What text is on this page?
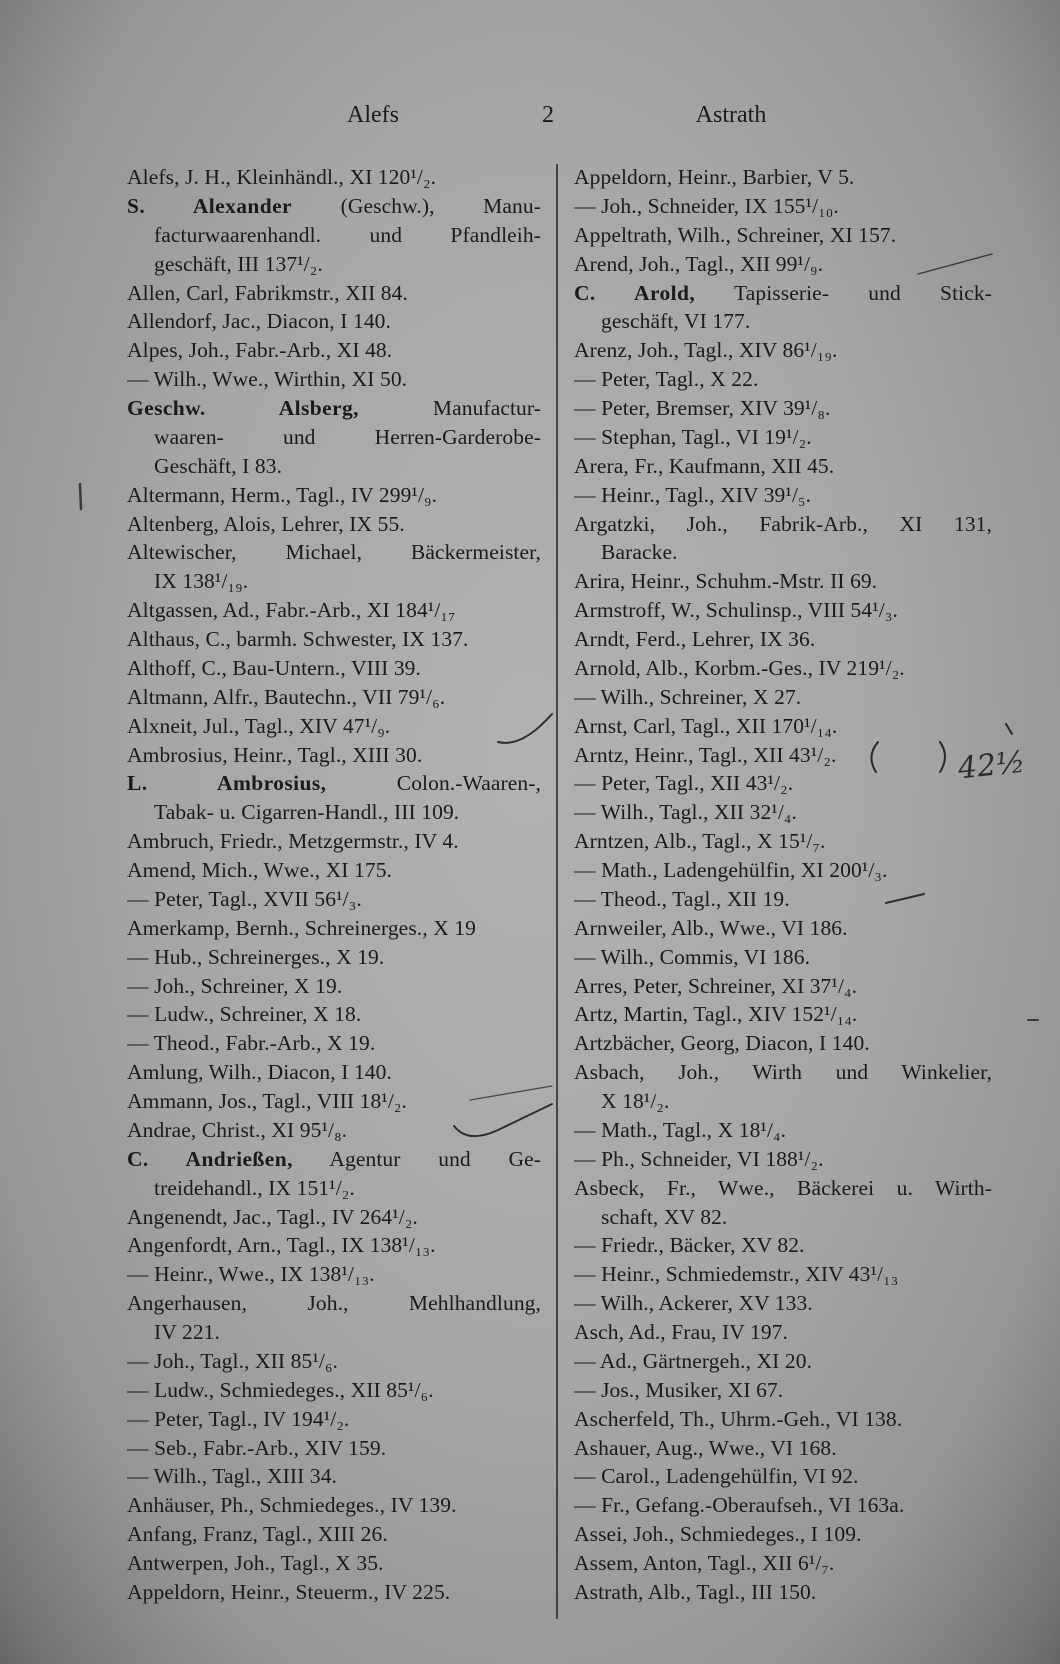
Alefs	2	Astrath
Alefs, J. H., Kleinhändl., XI 120¹/₂.
S. Alexander (Geschw.), Manu-
facturwaarenhandl. und Pfandleih-
geschäft, III 137¹/₂.
Allen, Carl, Fabrikmstr., XII 84.
Allendorf, Jac., Diacon, I 140.
Alpes, Joh., Fabr.-Arb., XI 48.
— Wilh., Wwe., Wirthin, XI 50.
Geschw. Alsberg, Manufactur-
waaren- und Herren-Garderobe-
Geschäft, I 83.
Altermann, Herm., Tagl., IV 299¹/₉.
Altenberg, Alois, Lehrer, IX 55.
Altewischer, Michael, Bäckermeister,
IX 138¹/₁₉.
Altgassen, Ad., Fabr.-Arb., XI 184¹/₁₇
Althaus, C., barmh. Schwester, IX 137.
Althoff, C., Bau-Untern., VIII 39.
Altmann, Alfr., Bautechn., VII 79¹/₆.
Alxneit, Jul., Tagl., XIV 47¹/₉.
Ambrosius, Heinr., Tagl., XIII 30.
L. Ambrosius, Colon.-Waaren-,
Tabak- u. Cigarren-Handl., III 109.
Ambruch, Friedr., Metzgermstr., IV 4.
Amend, Mich., Wwe., XI 175.
— Peter, Tagl., XVII 56¹/₃.
Amerkamp, Bernh., Schreinerges., X 19
— Hub., Schreinerges., X 19.
— Joh., Schreiner, X 19.
— Ludw., Schreiner, X 18.
— Theod., Fabr.-Arb., X 19.
Amlung, Wilh., Diacon, I 140.
Ammann, Jos., Tagl., VIII 18¹/₂.
Andrae, Christ., XI 95¹/₈.
C. Andrießen, Agentur und Ge-
treidehandl., IX 151¹/₂.
Angenendt, Jac., Tagl., IV 264¹/₂.
Angenfordt, Arn., Tagl., IX 138¹/₁₃.
— Heinr., Wwe., IX 138¹/₁₃.
Angerhausen, Joh., Mehlhandlung,
IV 221.
— Joh., Tagl., XII 85¹/₆.
— Ludw., Schmiedeges., XII 85¹/₆.
— Peter, Tagl., IV 194¹/₂.
— Seb., Fabr.-Arb., XIV 159.
— Wilh., Tagl., XIII 34.
Anhäuser, Ph., Schmiedeges., IV 139.
Anfang, Franz, Tagl., XIII 26.
Antwerpen, Joh., Tagl., X 35.
Appeldorn, Heinr., Steuerm., IV 225.
Appeldorn, Heinr., Barbier, V 5.
— Joh., Schneider, IX 155¹/₁₀.
Appeltrath, Wilh., Schreiner, XI 157.
Arend, Joh., Tagl., XII 99¹/₉.
C. Arold, Tapisserie- und Stick-
geschäft, VI 177.
Arenz, Joh., Tagl., XIV 86¹/₁₉.
— Peter, Tagl., X 22.
— Peter, Bremser, XIV 39¹/₈.
— Stephan, Tagl., VI 19¹/₂.
Arera, Fr., Kaufmann, XII 45.
— Heinr., Tagl., XIV 39¹/₅.
Argatzki, Joh., Fabrik-Arb., XI 131,
Baracke.
Arira, Heinr., Schuhm.-Mstr. II 69.
Armstroff, W., Schulinsp., VIII 54¹/₃.
Arndt, Ferd., Lehrer, IX 36.
Arnold, Alb., Korbm.-Ges., IV 219¹/₂.
— Wilh., Schreiner, X 27.
Arnst, Carl, Tagl., XII 170¹/₁₄.
Arntz, Heinr., Tagl., XII 43¹/₂.
— Peter, Tagl., XII 43¹/₂.
— Wilh., Tagl., XII 32¹/₄.
Arntzen, Alb., Tagl., X 15¹/₇.
— Math., Ladengehülfin, XI 200¹/₃.
— Theod., Tagl., XII 19.
Arnweiler, Alb., Wwe., VI 186.
— Wilh., Commis, VI 186.
Arres, Peter, Schreiner, XI 37¹/₄.
Artz, Martin, Tagl., XIV 152¹/₁₄.
Artzbächer, Georg, Diacon, I 140.
Asbach, Joh., Wirth und Winkelier,
X 18¹/₂.
— Math., Tagl., X 18¹/₄.
— Ph., Schneider, VI 188¹/₂.
Asbeck, Fr., Wwe., Bäckerei u. Wirth-
schaft, XV 82.
— Friedr., Bäcker, XV 82.
— Heinr., Schmiedemstr., XIV 43¹/₁₃
— Wilh., Ackerer, XV 133.
Asch, Ad., Frau, IV 197.
— Ad., Gärtnergeh., XI 20.
— Jos., Musiker, XI 67.
Ascherfeld, Th., Uhrm.-Geh., VI 138.
Ashauer, Aug., Wwe., VI 168.
— Carol., Ladengehülfin, VI 92.
— Fr., Gefang.-Oberaufseh., VI 163a.
Assei, Joh., Schmiedeges., I 109.
Assem, Anton, Tagl., XII 6¹/₇.
Astrath, Alb., Tagl., III 150.
42½
